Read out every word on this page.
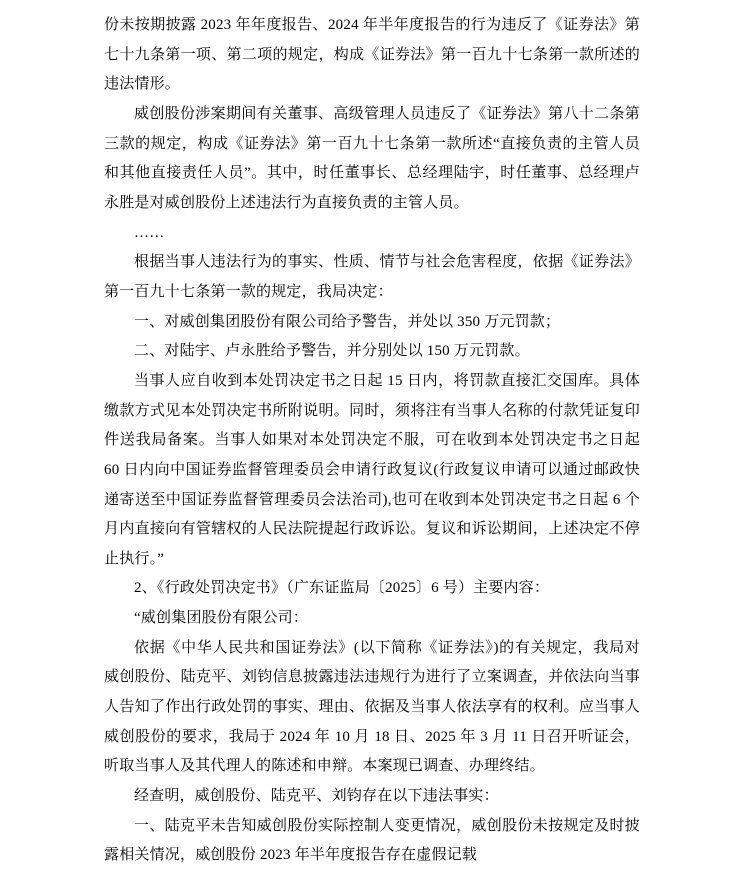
份未按期披露 2023 年年度报告、2024 年半年度报告的行为违反了《证券法》第
七十九条第一项、第二项的规定，构成《证券法》第一百九十七条第一款所述的
违法情形。
威创股份涉案期间有关董事、高级管理人员违反了《证券法》第八十二条第
三款的规定，构成《证券法》第一百九十七条第一款所述“直接负责的主管人员
和其他直接责任人员”。其中，时任董事长、总经理陆宇，时任董事、总经理卢
永胜是对威创股份上述违法行为直接负责的主管人员。
……
根据当事人违法行为的事实、性质、情节与社会危害程度，依据《证券法》
第一百九十七条第一款的规定，我局决定：
一、对威创集团股份有限公司给予警告，并处以 350 万元罚款；
二、对陆宇、卢永胜给予警告，并分别处以 150 万元罚款。
当事人应自收到本处罚决定书之日起 15 日内，将罚款直接汇交国库。具体
缴款方式见本处罚决定书所附说明。同时，须将注有当事人名称的付款凭证复印
件送我局备案。当事人如果对本处罚决定不服，可在收到本处罚决定书之日起
60 日内向中国证券监督管理委员会申请行政复议(行政复议申请可以通过邮政快
递寄送至中国证券监督管理委员会法治司),也可在收到本处罚决定书之日起 6 个
月内直接向有管辖权的人民法院提起行政诉讼。复议和诉讼期间，上述决定不停
止执行。”
2、《行政处罚决定书》（广东证监局〔2025〕6 号）主要内容：
“威创集团股份有限公司：
依据《中华人民共和国证券法》(以下简称《证券法》)的有关规定，我局对
威创股份、陆克平、刘钧信息披露违法违规行为进行了立案调查，并依法向当事
人告知了作出行政处罚的事实、理由、依据及当事人依法享有的权利。应当事人
威创股份的要求，我局于 2024 年 10 月 18 日、2025 年 3 月 11 日召开听证会，
听取当事人及其代理人的陈述和申辩。本案现已调查、办理终结。
经查明，威创股份、陆克平、刘钧存在以下违法事实：
一、陆克平未告知威创股份实际控制人变更情况，威创股份未按规定及时披
露相关情况，威创股份 2023 年半年度报告存在虚假记载
